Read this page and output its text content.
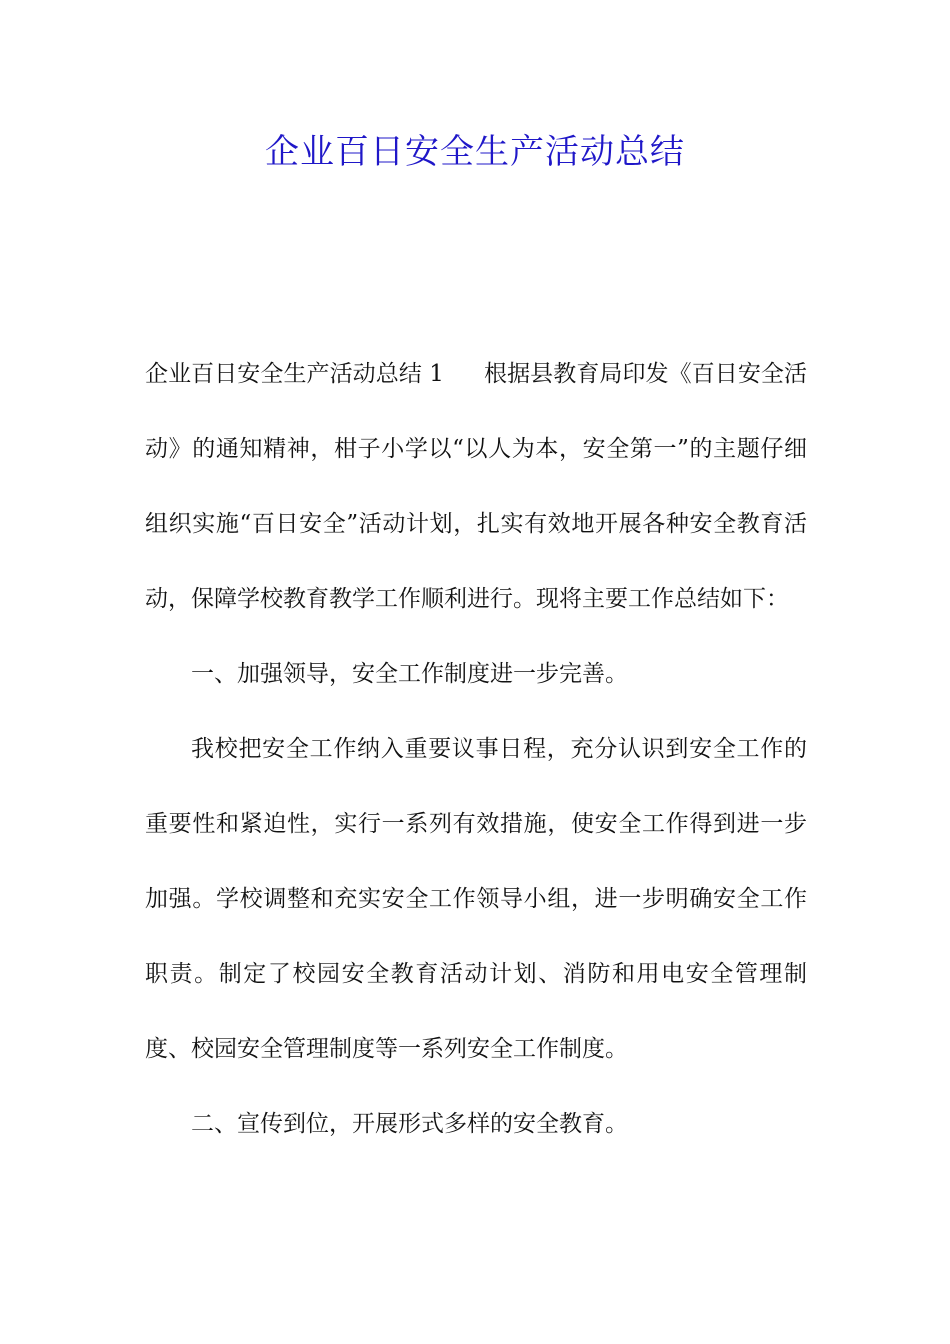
企业百日安全生产活动总结

企业百日安全生产活动总结 1 根据县教育局印发《百日安全活动》的通知精神，柑子小学以“以人为本，安全第一”的主题仔细组织实施“百日安全”活动计划，扎实有效地开展各种安全教育活动，保障学校教育教学工作顺利进行。现将主要工作总结如下：

一、加强领导，安全工作制度进一步完善。

我校把安全工作纳入重要议事日程，充分认识到安全工作的重要性和紧迫性，实行一系列有效措施，使安全工作得到进一步加强。学校调整和充实安全工作领导小组，进一步明确安全工作职责。制定了校园安全教育活动计划、消防和用电安全管理制度、校园安全管理制度等一系列安全工作制度。

二、宣传到位，开展形式多样的安全教育。
